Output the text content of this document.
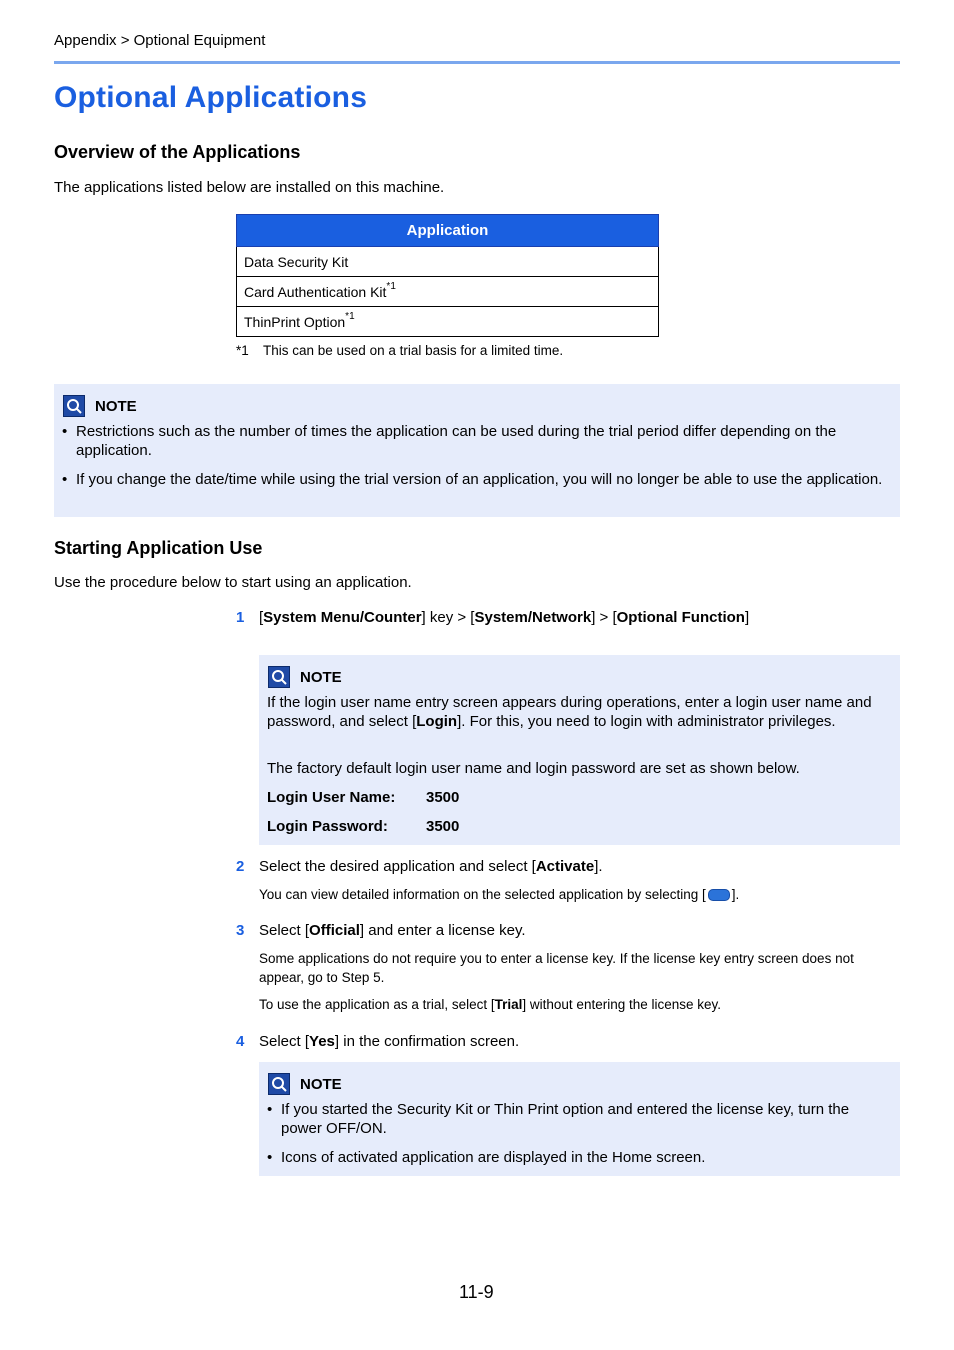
Appendix > Optional Equipment
Optional Applications
Overview of the Applications
The applications listed below are installed on this machine.
Application
Data Security Kit
Card Authentication Kit$^{*1}$
ThinPrint Option$^{*1}$
*1 This can be used on a trial basis for a limited time.
NOTE
• Restrictions such as the number of times the application can be used during the trial period differ depending on the application.
• If you change the date/time while using the trial version of an application, you will no longer be able to use the application.
Starting Application Use
Use the procedure below to start using an application.
1 [System Menu/Counter] key > [System/Network] > [Optional Function]
NOTE
If the login user name entry screen appears during operations, enter a login user name and password, and select [Login]. For this, you need to login with administrator privileges.
The factory default login user name and login password are set as shown below.
Login User Name: 3500
Login Password:	3500
2 Select the desired application and select [Activate].
You can view detailed information on the selected application by selecting [ ].
3 Select [Official] and enter a license key.
Some applications do not require you to enter a license key. If the license key entry screen does not appear, go to Step 5.
To use the application as a trial, select [Trial] without entering the license key.
4 Select [Yes] in the confirmation screen.
NOTE
• If you started the Security Kit or Thin Print option and entered the license key, turn the power OFF/ON.
• Icons of activated application are displayed in the Home screen.
11-9
